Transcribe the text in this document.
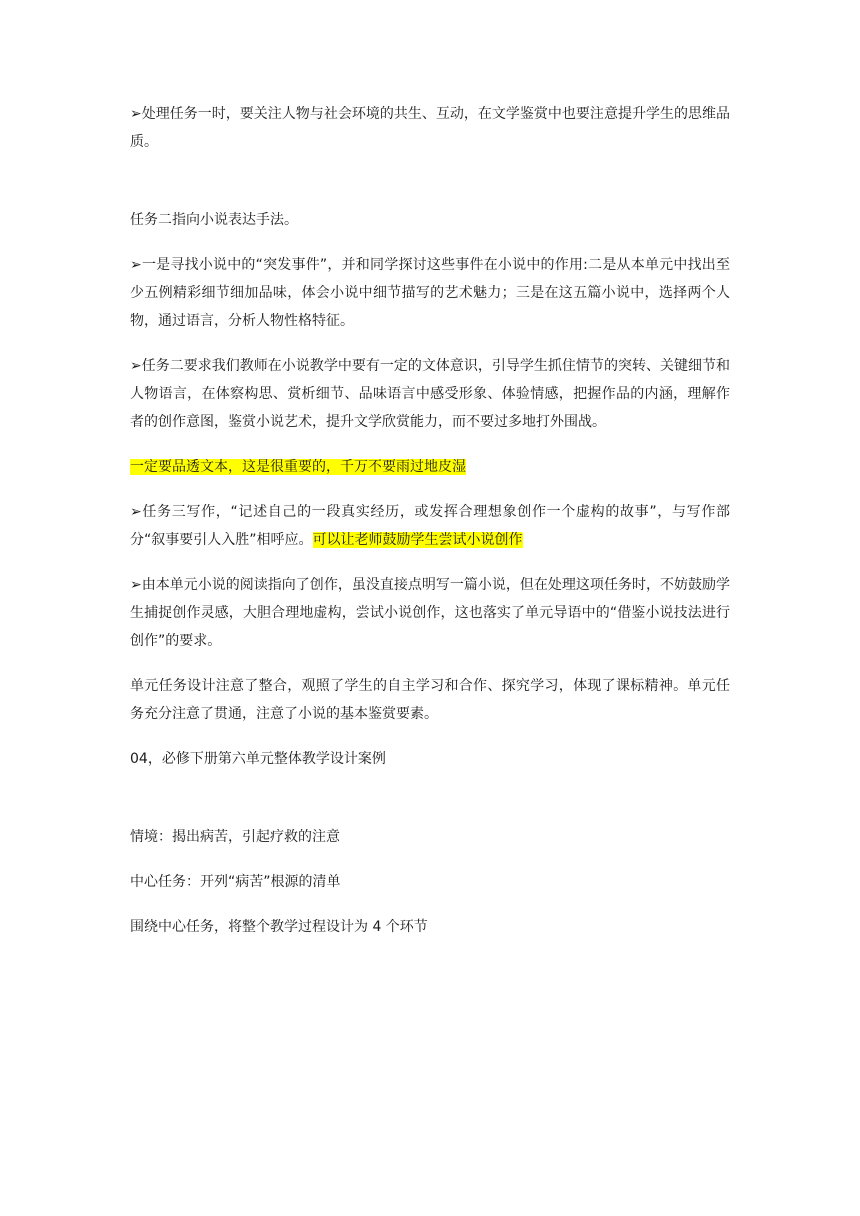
➢处理任务一时，要关注人物与社会环境的共生、互动，在文学鉴赏中也要注意提升学生的思维品质。

任务二指向小说表达手法。

➢一是寻找小说中的“突发事件”，并和同学探讨这些事件在小说中的作用:二是从本单元中找出至少五例精彩细节细加品味，体会小说中细节描写的艺术魅力；三是在这五篇小说中，选择两个人物，通过语言，分析人物性格特征。

➢任务二要求我们教师在小说教学中要有一定的文体意识，引导学生抓住情节的突转、关键细节和人物语言，在体察构思、赏析细节、品味语言中感受形象、体验情感，把握作品的内涵，理解作者的创作意图，鉴赏小说艺术，提升文学欣赏能力，而不要过多地打外围战。

一定要品透文本，这是很重要的，千万不要雨过地皮湿

➢任务三写作，“记述自己的一段真实经历，或发挥合理想象创作一个虚构的故事”，与写作部分“叙事要引人入胜”相呼应。可以让老师鼓励学生尝试小说创作

➢由本单元小说的阅读指向了创作，虽没直接点明写一篇小说，但在处理这项任务时，不妨鼓励学生捕捉创作灵感，大胆合理地虚构，尝试小说创作，这也落实了单元导语中的“借鉴小说技法进行创作”的要求。

单元任务设计注意了整合，观照了学生的自主学习和合作、探究学习，体现了课标精神。单元任务充分注意了贯通，注意了小说的基本鉴赏要素。

04，必修下册第六单元整体教学设计案例

情境：揭出病苦，引起疗救的注意

中心任务：开列“病苦”根源的清单

围绕中心任务，将整个教学过程设计为 4 个环节
